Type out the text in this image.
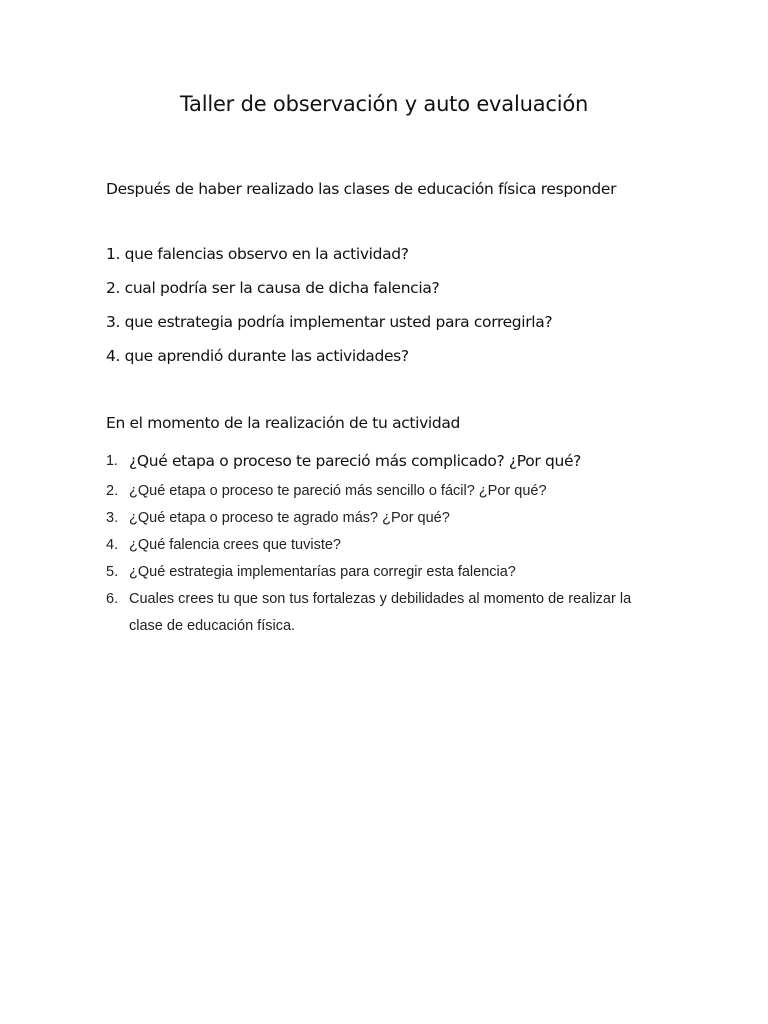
Taller de observación y auto evaluación
Después de haber realizado las clases de educación física responder
1. que falencias observo en la actividad?
2. cual podría ser la causa de dicha falencia?
3. que estrategia podría implementar usted para corregirla?
4. que aprendió durante las actividades?
En el momento de la realización de tu actividad
1. ¿Qué etapa o proceso te pareció más complicado? ¿Por qué?
2. ¿Qué etapa o proceso te pareció más sencillo o fácil? ¿Por qué?
3. ¿Qué etapa o proceso te agrado más? ¿Por qué?
4. ¿Qué falencia crees que tuviste?
5. ¿Qué estrategia implementarías para corregir esta falencia?
6. Cuales crees tu que son tus fortalezas y debilidades al momento de realizar la clase de educación física.
